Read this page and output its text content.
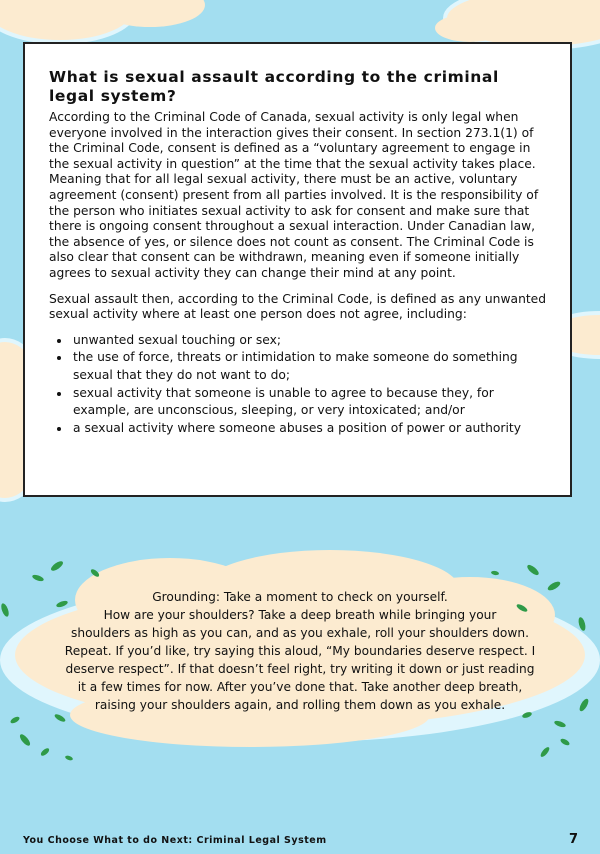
What is sexual assault according to the criminal legal system?

According to the Criminal Code of Canada, sexual activity is only legal when everyone involved in the interaction gives their consent. In section 273.1(1) of the Criminal Code, consent is defined as a “voluntary agreement to engage in the sexual activity in question” at the time that the sexual activity takes place. Meaning that for all legal sexual activity, there must be an active, voluntary agreement (consent) present from all parties involved. It is the responsibility of the person who initiates sexual activity to ask for consent and make sure that there is ongoing consent throughout a sexual interaction. Under Canadian law, the absence of yes, or silence does not count as consent. The Criminal Code is also clear that consent can be withdrawn, meaning even if someone initially agrees to sexual activity they can change their mind at any point.

Sexual assault then, according to the Criminal Code, is defined as any unwanted sexual activity where at least one person does not agree, including:

• unwanted sexual touching or sex;
• the use of force, threats or intimidation to make someone do something sexual that they do not want to do;
• sexual activity that someone is unable to agree to because they, for example, are unconscious, sleeping, or very intoxicated; and/or
• a sexual activity where someone abuses a position of power or authority

Grounding: Take a moment to check on yourself.

How are your shoulders? Take a deep breath while bringing your

shoulders as high as you can, and as you exhale, roll your shoulders down.

Repeat. If you’d like, try saying this aloud, “My boundaries deserve respect. I

deserve respect”. If that doesn’t feel right, try writing it down or just reading

it a few times for now. After you’ve done that. Take another deep breath,

raising your shoulders again, and rolling them down as you exhale.

You Choose What to do Next: Criminal Legal System	7
